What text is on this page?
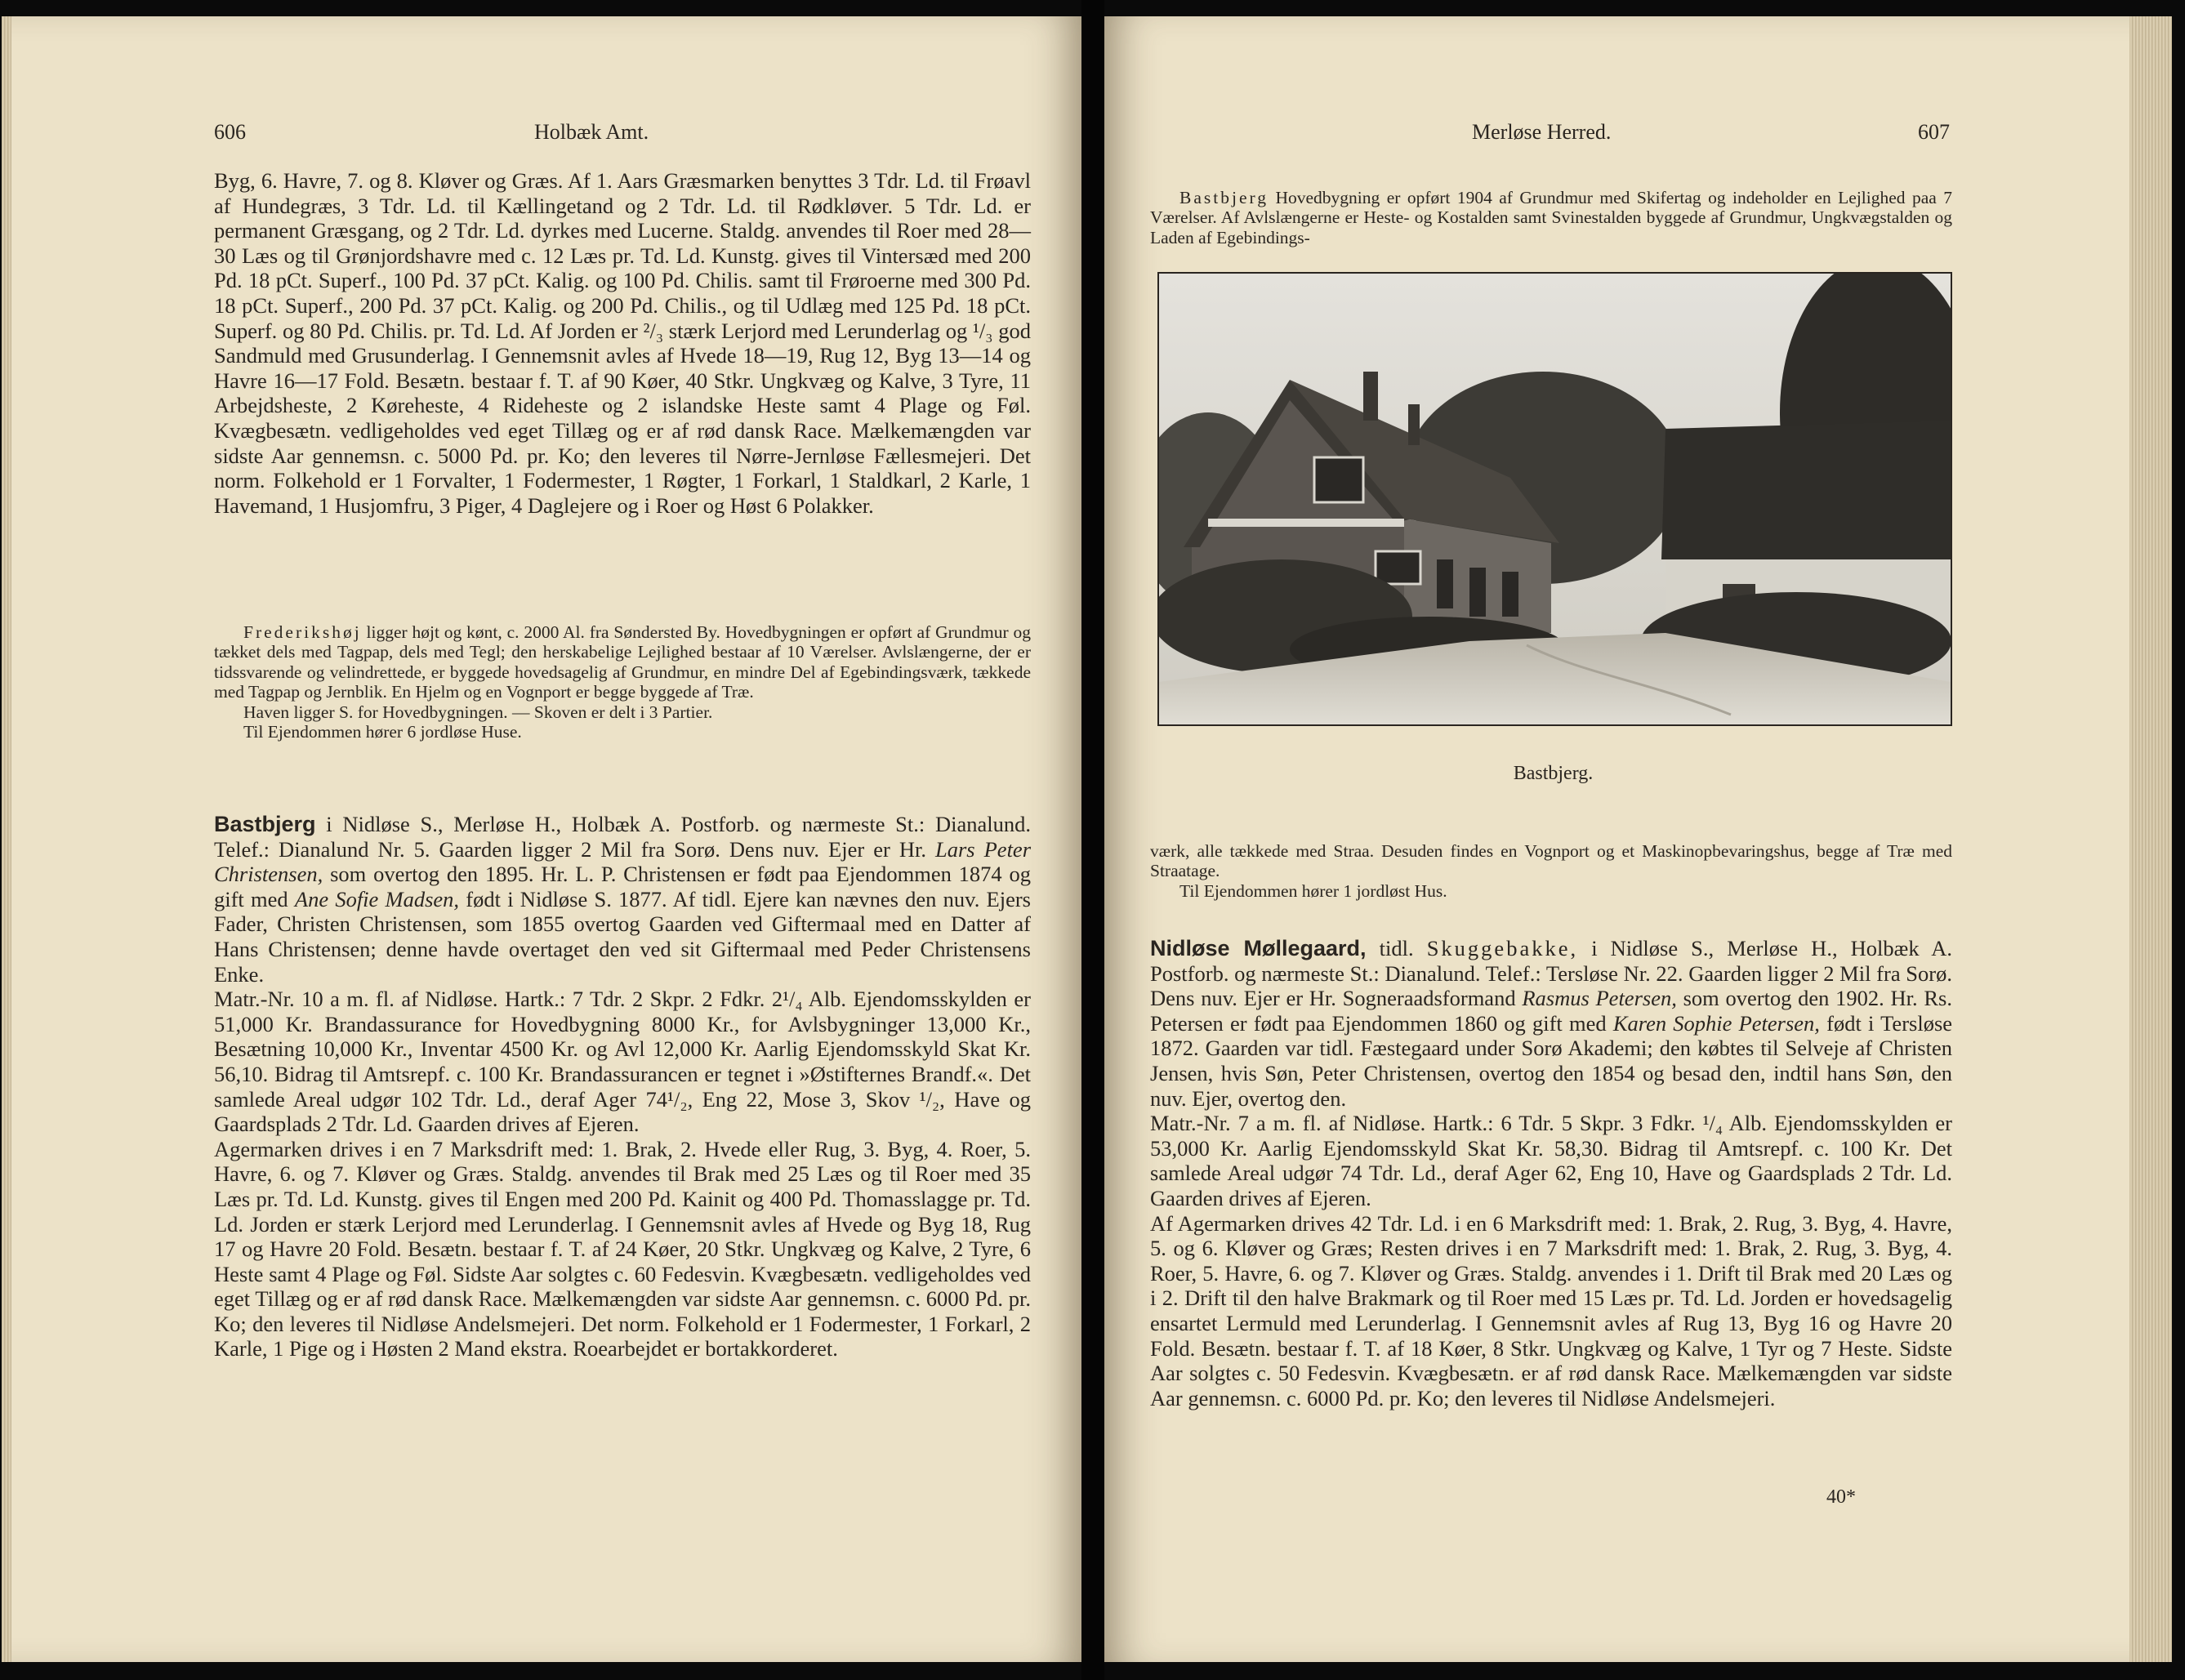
606	Holbæk Amt.

Byg, 6. Havre, 7. og 8. Kløver og Græs. Af 1. Aars Græsmarken benyttes 3 Tdr. Ld. til Frøavl af Hundegræs, 3 Tdr. Ld. til Kællingetand og 2 Tdr. Ld. til Rødkløver. 5 Tdr. Ld. er permanent Græsgang, og 2 Tdr. Ld. dyrkes med Lucerne. Staldg. anvendes til Roer med 28—30 Læs og til Grønjordshavre med c. 12 Læs pr. Td. Ld. Kunstg. gives til Vintersæd med 200 Pd. 18 pCt. Superf., 100 Pd. 37 pCt. Kalig. og 100 Pd. Chilis. samt til Frøroerne med 300 Pd. 18 pCt. Superf., 200 Pd. 37 pCt. Kalig. og 200 Pd. Chilis., og til Udlæg med 125 Pd. 18 pCt. Superf. og 80 Pd. Chilis. pr. Td. Ld. Af Jorden er ²/₃ stærk Lerjord med Lerunderlag og ¹/₃ god Sandmuld med Grusunderlag. I Gennemsnit avles af Hvede 18—19, Rug 12, Byg 13—14 og Havre 16—17 Fold. Besætn. bestaar f. T. af 90 Køer, 40 Stkr. Ungkvæg og Kalve, 3 Tyre, 11 Arbejdsheste, 2 Køreheste, 4 Rideheste og 2 islandske Heste samt 4 Plage og Føl. Kvægbesætn. vedligeholdes ved eget Tillæg og er af rød dansk Race. Mælkemængden var sidste Aar gennemsn. c. 5000 Pd. pr. Ko; den leveres til Nørre-Jernløse Fællesmejeri. Det norm. Folkehold er 1 Forvalter, 1 Fodermester, 1 Røgter, 1 Forkarl, 1 Staldkarl, 2 Karle, 1 Havemand, 1 Husjomfru, 3 Piger, 4 Daglejere og i Roer og Høst 6 Polakker.

Frederikshøj ligger højt og kønt, c. 2000 Al. fra Søndersted By. Hovedbygningen er opført af Grundmur og tækket dels med Tagpap, dels med Tegl; den herskabelige Lejlighed bestaar af 10 Værelser. Avlslængerne, der er tidssvarende og velindrettede, er byggede hovedsagelig af Grundmur, en mindre Del af Egebindingsværk, tækkede med Tagpap og Jernblik. En Hjelm og en Vognport er begge byggede af Træ.

Haven ligger S. for Hovedbygningen. — Skoven er delt i 3 Partier.

Til Ejendommen hører 6 jordløse Huse.

Bastbjerg i Nidløse S., Merløse H., Holbæk A. Postforb. og nærmeste St.: Dianalund. Telef.: Dianalund Nr. 5. Gaarden ligger 2 Mil fra Sorø. Dens nuv. Ejer er Hr. Lars Peter Christensen, som overtog den 1895. Hr. L. P. Christensen er født paa Ejendommen 1874 og gift med Ane Sofie Madsen, født i Nidløse S. 1877. Af tidl. Ejere kan nævnes den nuv. Ejers Fader, Christen Christensen, som 1855 overtog Gaarden ved Giftermaal med en Datter af Hans Christensen; denne havde overtaget den ved sit Giftermaal med Peder Christensens Enke.

Matr.-Nr. 10 a m. fl. af Nidløse. Hartk.: 7 Tdr. 2 Skpr. 2 Fdkr. 2¹/₄ Alb. Ejendomsskylden er 51,000 Kr. Brandassurance for Hovedbygning 8000 Kr., for Avlsbygninger 13,000 Kr., Besætning 10,000 Kr., Inventar 4500 Kr. og Avl 12,000 Kr. Aarlig Ejendomsskyld Skat Kr. 56,10. Bidrag til Amtsrepf. c. 100 Kr. Brandassurancen er tegnet i »Østifternes Brandf.«. Det samlede Areal udgør 102 Tdr. Ld., deraf Ager 74¹/₂, Eng 22, Mose 3, Skov ¹/₂, Have og Gaardsplads 2 Tdr. Ld. Gaarden drives af Ejeren.

Agermarken drives i en 7 Marksdrift med: 1. Brak, 2. Hvede eller Rug, 3. Byg, 4. Roer, 5. Havre, 6. og 7. Kløver og Græs. Staldg. anvendes til Brak med 25 Læs og til Roer med 35 Læs pr. Td. Ld. Kunstg. gives til Engen med 200 Pd. Kainit og 400 Pd. Thomasslagge pr. Td. Ld. Jorden er stærk Lerjord med Lerunderlag. I Gennemsnit avles af Hvede og Byg 18, Rug 17 og Havre 20 Fold. Besætn. bestaar f. T. af 24 Køer, 20 Stkr. Ungkvæg og Kalve, 2 Tyre, 6 Heste samt 4 Plage og Føl. Sidste Aar solgtes c. 60 Fedesvin. Kvægbesætn. vedligeholdes ved eget Tillæg og er af rød dansk Race. Mælkemængden var sidste Aar gennemsn. c. 6000 Pd. pr. Ko; den leveres til Nidløse Andelsmejeri. Det norm. Folkehold er 1 Fodermester, 1 Forkarl, 2 Karle, 1 Pige og i Høsten 2 Mand ekstra. Roearbejdet er bortakkorderet.

Merløse Herred.	607

Bastbjerg Hovedbygning er opført 1904 af Grundmur med Skifertag og indeholder en Lejlighed paa 7 Værelser. Af Avlslængerne er Heste- og Kostalden samt Svinestalden byggede af Grundmur, Ungkvægstalden og Laden af Egebindings-

værk, alle tækkede med Straa. Desuden findes en Vognport og et Maskinopbevaringshus, begge af Træ med Straatage.

Til Ejendommen hører 1 jordløst Hus.

Nidløse Møllegaard, tidl. Skuggebakke, i Nidløse S., Merløse H., Holbæk A. Postforb. og nærmeste St.: Dianalund. Telef.: Tersløse Nr. 22. Gaarden ligger 2 Mil fra Sorø. Dens nuv. Ejer er Hr. Sogneraadsformand Rasmus Petersen, som overtog den 1902. Hr. Rs. Petersen er født paa Ejendommen 1860 og gift med Karen Sophie Petersen, født i Tersløse 1872. Gaarden var tidl. Fæstegaard under Sorø Akademi; den købtes til Selveje af Christen Jensen, hvis Søn, Peter Christensen, overtog den 1854 og besad den, indtil hans Søn, den nuv. Ejer, overtog den.

Matr.-Nr. 7 a m. fl. af Nidløse. Hartk.: 6 Tdr. 5 Skpr. 3 Fdkr. ¹/₄ Alb. Ejendomsskylden er 53,000 Kr. Aarlig Ejendomsskyld Skat Kr. 58,30. Bidrag til Amtsrepf. c. 100 Kr. Det samlede Areal udgør 74 Tdr. Ld., deraf Ager 62, Eng 10, Have og Gaardsplads 2 Tdr. Ld. Gaarden drives af Ejeren.

Af Agermarken drives 42 Tdr. Ld. i en 6 Marksdrift med: 1. Brak, 2. Rug, 3. Byg, 4. Havre, 5. og 6. Kløver og Græs; Resten drives i en 7 Marksdrift med: 1. Brak, 2. Rug, 3. Byg, 4. Roer, 5. Havre, 6. og 7. Kløver og Græs. Staldg. anvendes i 1. Drift til Brak med 20 Læs og i 2. Drift til den halve Brakmark og til Roer med 15 Læs pr. Td. Ld. Jorden er hovedsagelig ensartet Lermuld med Lerunderlag. I Gennemsnit avles af Rug 13, Byg 16 og Havre 20 Fold. Besætn. bestaar f. T. af 18 Køer, 8 Stkr. Ungkvæg og Kalve, 1 Tyr og 7 Heste. Sidste Aar solgtes c. 50 Fedesvin. Kvægbesætn. er af rød dansk Race. Mælkemængden var sidste Aar gennemsn. c. 6000 Pd. pr. Ko; den leveres til Nidløse Andelsmejeri.

40*
Bastbjerg.
